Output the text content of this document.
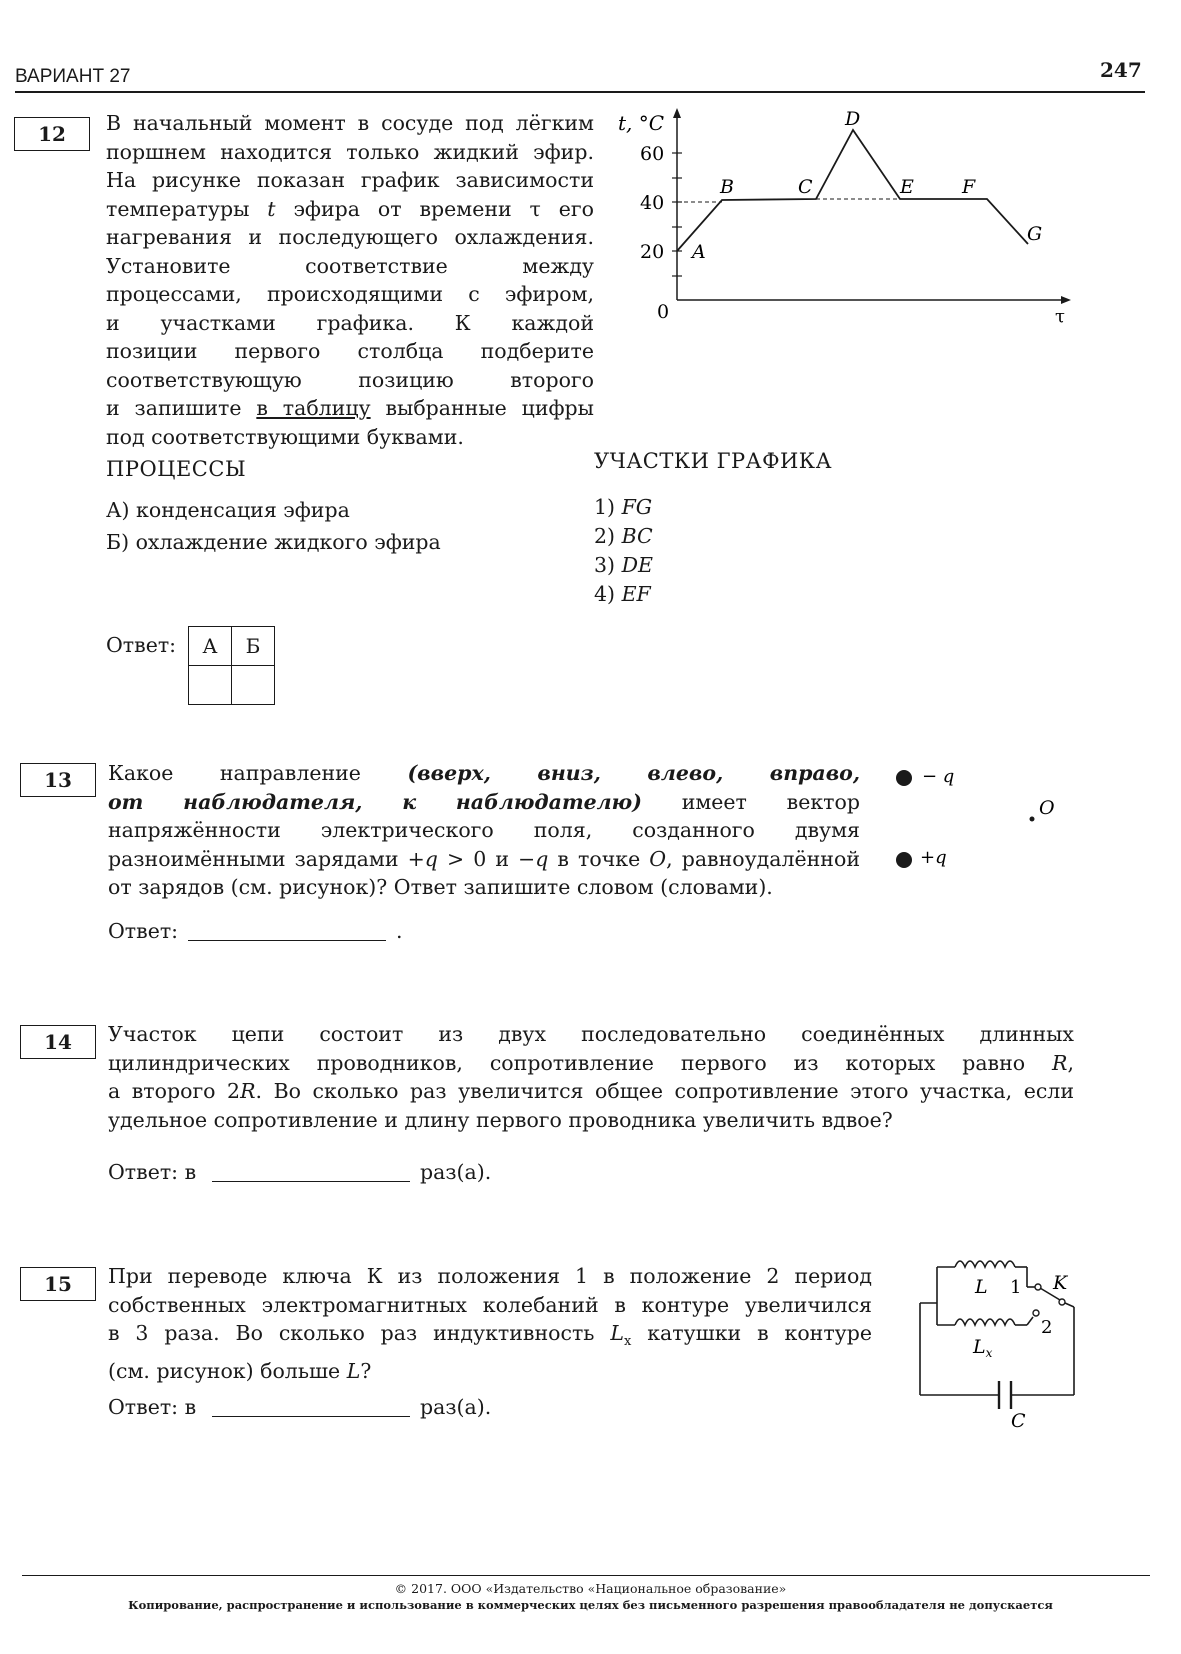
ВАРИАНТ 27	247
12	В начальный момент в сосуде под лёгким
поршнем находится только жидкий эфир.
На рисунке показан график зависимости
температуры t эфира от времени τ его
нагревания и последующего охлаждения.
Установите соответствие между
процессами, происходящими с эфиром,
и участками графика. К каждой
позиции первого столбца подберите
соответствующую позицию второго
и запишите в таблицу выбранные цифры
под соответствующими буквами.
t, °C
60
40
20
0	τ
A
B	C
D
E	F
G
ПРОЦЕССЫ	УЧАСТКИ ГРАФИКА
А) конденсация эфира
Б) охлаждение жидкого эфира
1) FG
2) BC
3) DE
4) EF
Ответ: А	Б

13	Какое направление (вверх, вниз, влево, вправо,
от наблюдателя, к наблюдателю) имеет вектор
напряжённости электрического поля, созданного двумя
разноимёнными зарядами +q > 0 и −q в точке O, равноудалённой
от зарядов (см. рисунок)? Ответ запишите словом (словами).
− q
O
+q
Ответ:	.
14	Участок цепи состоит из двух последовательно соединённых длинных
цилиндрических проводников, сопротивление первого из которых равно R,
а второго 2R. Во сколько раз увеличится общее сопротивление этого участка, если
удельное сопротивление и длину первого проводника увеличить вдвое?
Ответ: в	раз(а).
15	При переводе ключа К из положения 1 в положение 2 период
собственных электромагнитных колебаний в контуре увеличился
в 3 раза. Во сколько раз индуктивность $L_x$ катушки в контуре
(см. рисунок) больше L?
C
L 1
2
$L_x$
K
Ответ: в	раз(а).
© 2017. ООО «Издательство «Национальное образование»
Копирование, распространение и использование в коммерческих целях без письменного разрешения правообладателя не допускается
